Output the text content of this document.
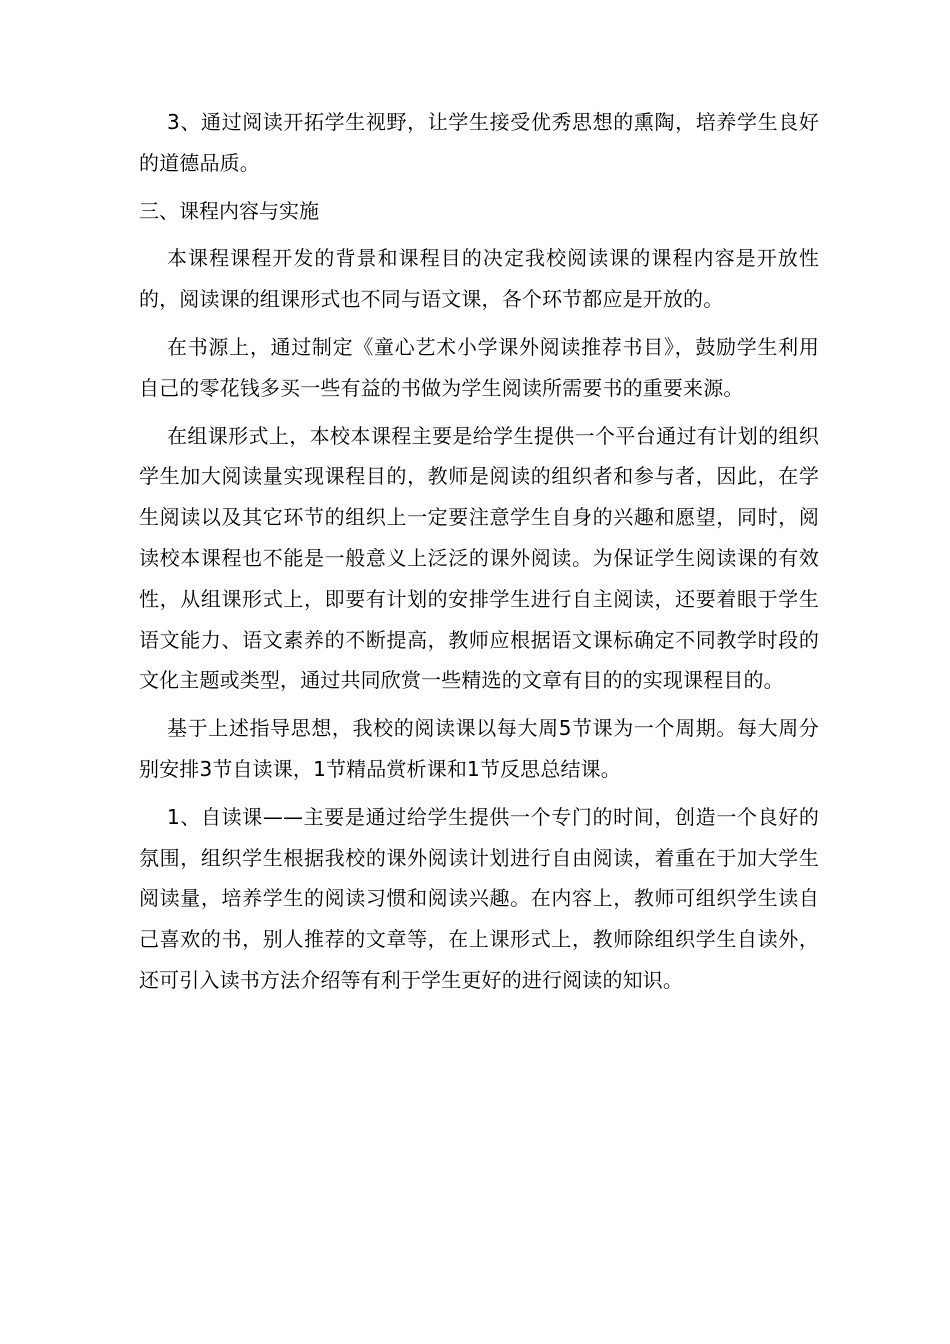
3、通过阅读开拓学生视野，让学生接受优秀思想的熏陶，培养学生良好的道德品质。

三、课程内容与实施

本课程课程开发的背景和课程目的决定我校阅读课的课程内容是开放性的，阅读课的组课形式也不同与语文课，各个环节都应是开放的。

在书源上，通过制定《童心艺术小学课外阅读推荐书目》，鼓励学生利用自己的零花钱多买一些有益的书做为学生阅读所需要书的重要来源。

在组课形式上，本校本课程主要是给学生提供一个平台通过有计划的组织学生加大阅读量实现课程目的，教师是阅读的组织者和参与者，因此，在学生阅读以及其它环节的组织上一定要注意学生自身的兴趣和愿望，同时，阅读校本课程也不能是一般意义上泛泛的课外阅读。为保证学生阅读课的有效性，从组课形式上，即要有计划的安排学生进行自主阅读，还要着眼于学生语文能力、语文素养的不断提高，教师应根据语文课标确定不同教学时段的文化主题或类型，通过共同欣赏一些精选的文章有目的的实现课程目的。

基于上述指导思想，我校的阅读课以每大周5节课为一个周期。每大周分别安排3节自读课，1节精品赏析课和1节反思总结课。

1、自读课——主要是通过给学生提供一个专门的时间，创造一个良好的氛围，组织学生根据我校的课外阅读计划进行自由阅读，着重在于加大学生阅读量，培养学生的阅读习惯和阅读兴趣。在内容上，教师可组织学生读自己喜欢的书，别人推荐的文章等，在上课形式上，教师除组织学生自读外，还可引入读书方法介绍等有利于学生更好的进行阅读的知识。
